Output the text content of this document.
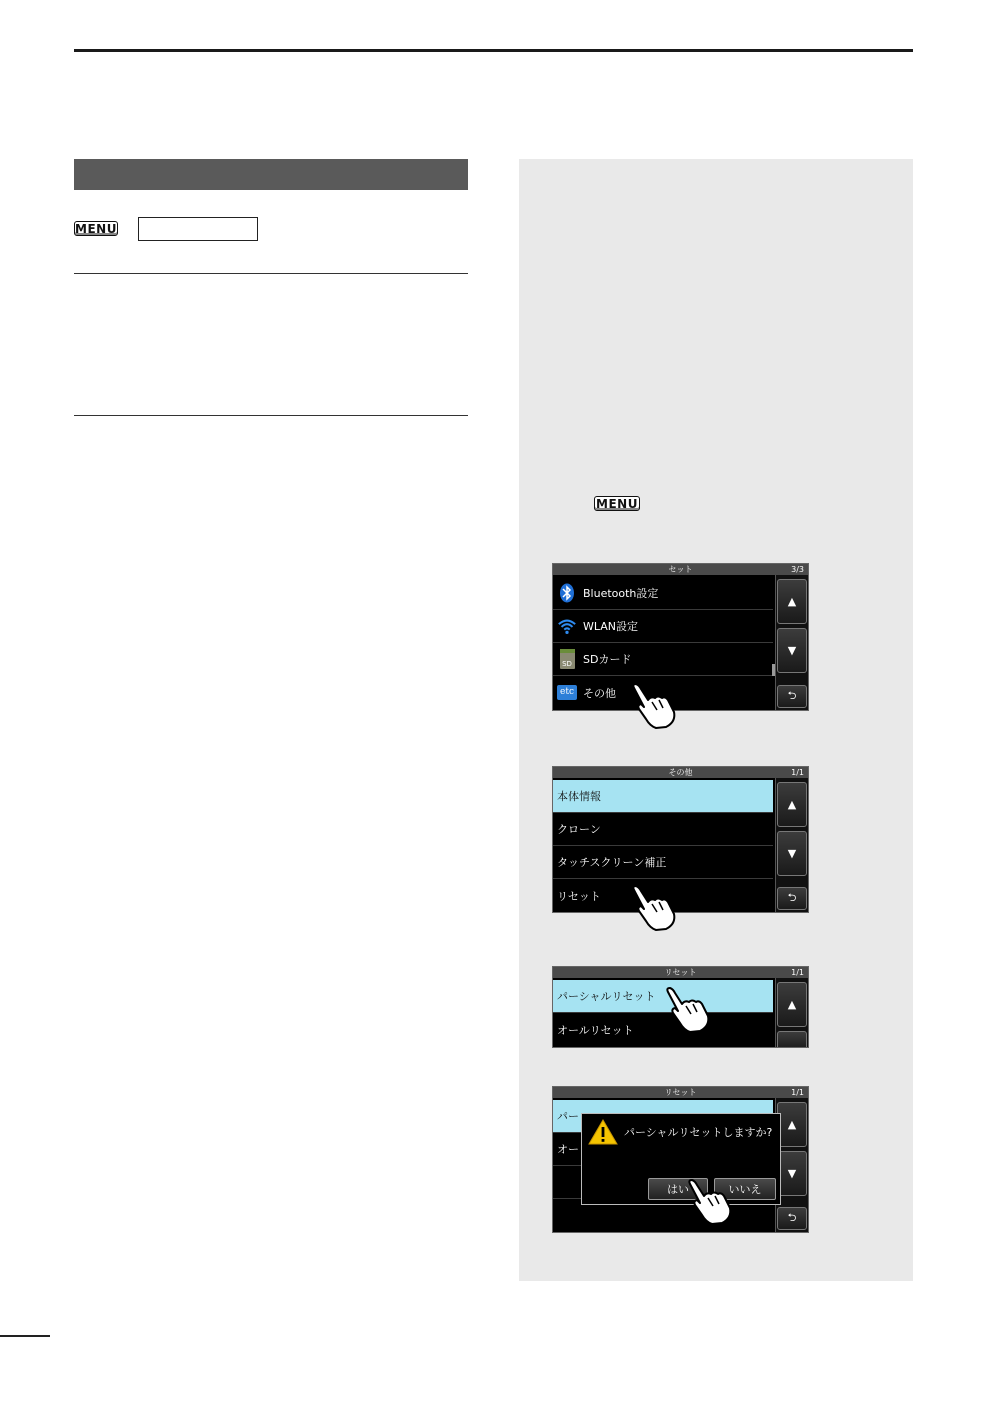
MENU
MENU
セット	3/3
Bluetooth設定
WLAN設定
SD SDカード
etc その他
▲
▼
⮌
その他	1/1
本体情報
クローン
タッチスクリーン補正
リセット
▲
▼
⮌
リセット	1/1
パーシャルリセット
オールリセット
▲
リセット	1/1
パー
オー
▲
▼
⮌
パーシャルリセットしますか?
はい	いいえ
